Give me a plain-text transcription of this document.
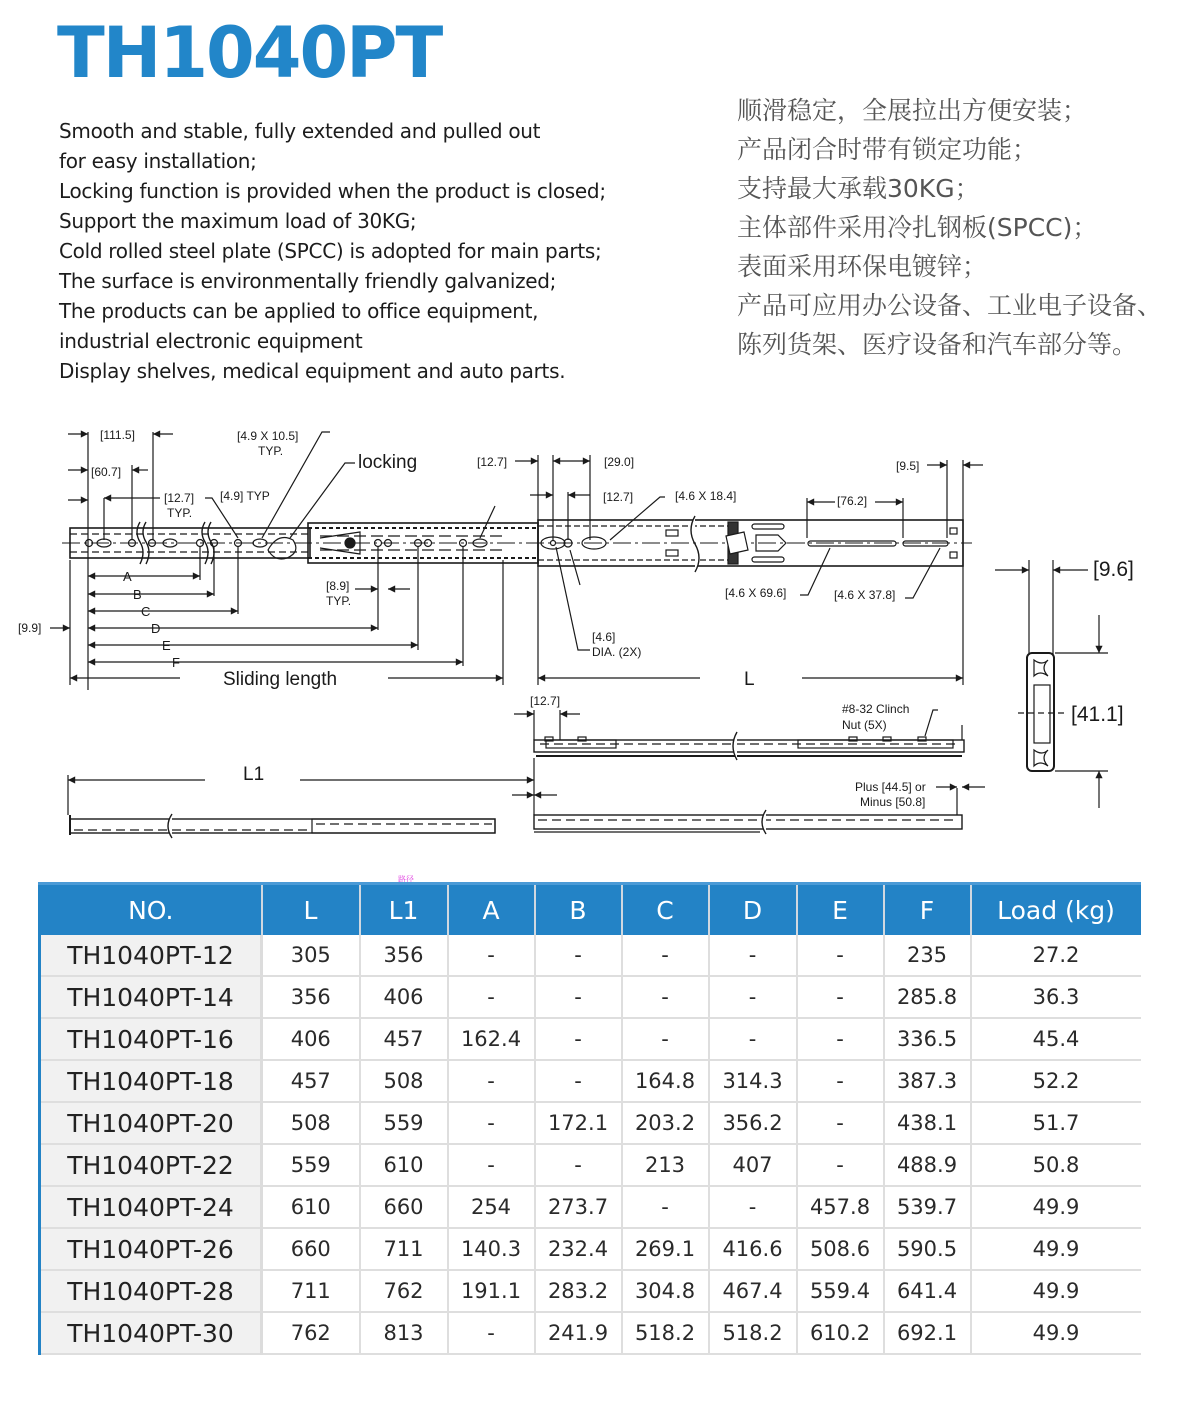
TH1040PT
Smooth and stable, fully extended and pulled out
for easy installation;
Locking function is provided when the product is closed;
Support the maximum load of 30KG;
Cold rolled steel plate (SPCC) is adopted for main parts;
The surface is environmentally friendly galvanized;
The products can be applied to office equipment,
industrial electronic equipment
Display shelves, medical equipment and auto parts.
顺滑稳定，全展拉出方便安装；
产品闭合时带有锁定功能；
支持最大承载30KG；
主体部件采用冷扎钢板(SPCC)；
表面采用环保电镀锌；
产品可应用办公设备、工业电子设备、
陈列货架、医疗设备和汽车部分等。
[111.5]
[60.7]
[12.7]
TYP.
[4.9] TYP
[4.9 X 10.5]
TYP.
locking	[12.7]	[29.0]
[12.7]	[4.6 X 18.4]	[76.2]
[9.5]
[8.9]
TYP.
[9.9]
[4.6 X 69.6]	[4.6 X 37.8]
[4.6]
DIA. (2X)
A
B
C
D
E
F
Sliding length	L
L1
[12.7]
#8-32 Clinch
Nut (5X)
Plus [44.5] or
Minus [50.8]
[9.6]
[41.1]
路径
NO.	L	L1	A	B	C	D	E	F	Load (kg)
TH1040PT-12	305	356	-	-	-	-	-	235	27.2
TH1040PT-14	356	406	-	-	-	-	-	285.8	36.3
TH1040PT-16	406	457	162.4	-	-	-	-	336.5	45.4
TH1040PT-18	457	508	-	-	164.8	314.3	-	387.3	52.2
TH1040PT-20	508	559	-	172.1	203.2	356.2	-	438.1	51.7
TH1040PT-22	559	610	-	-	213	407	-	488.9	50.8
TH1040PT-24	610	660	254	273.7	-	-	457.8	539.7	49.9
TH1040PT-26	660	711	140.3	232.4	269.1	416.6	508.6	590.5	49.9
TH1040PT-28	711	762	191.1	283.2	304.8	467.4	559.4	641.4	49.9
TH1040PT-30	762	813	-	241.9	518.2	518.2	610.2	692.1	49.9
